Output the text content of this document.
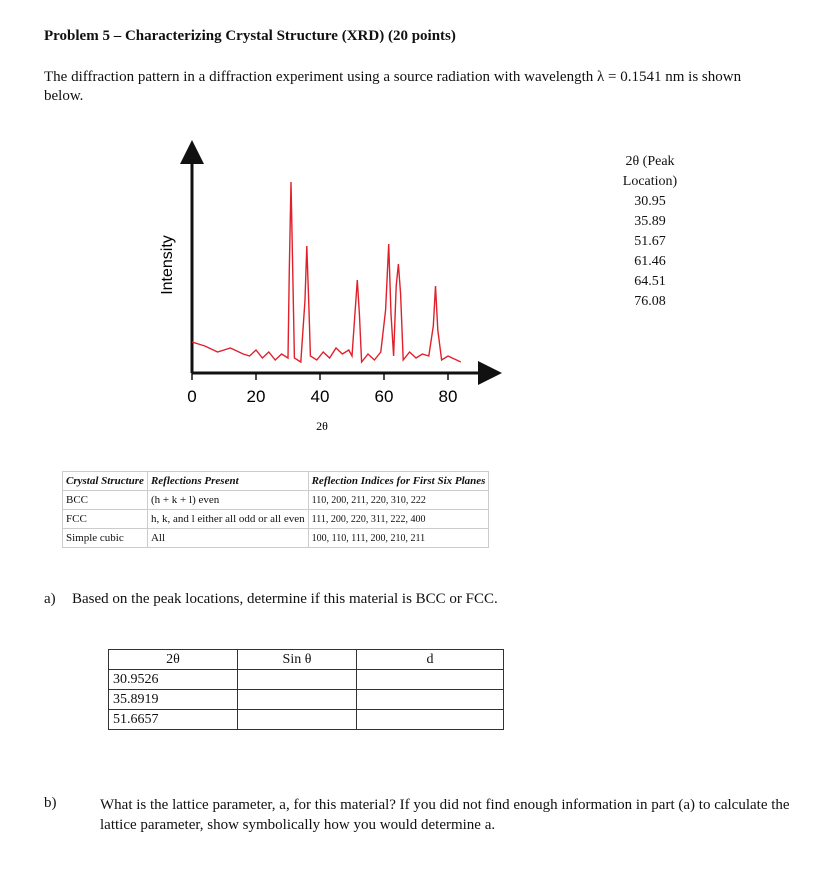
Problem 5 – Characterizing Crystal Structure (XRD) (20 points)
The diffraction pattern in a diffraction experiment using a source radiation with wavelength λ = 0.1541 nm is shown below.
0	20	40	60	80
Intensity
2θ
2θ (Peak Location)
30.95
35.89
51.67
61.46
64.51
76.08
Crystal Structure	Reflections Present	Reflection Indices for First Six Planes
BCC	(h + k + l) even	110, 200, 211, 220, 310, 222
FCC	h, k, and l either all odd or all even	111, 200, 220, 311, 222, 400
Simple cubic	All	100, 110, 111, 200, 210, 211
a) Based on the peak locations, determine if this material is BCC or FCC.
2θ	Sin θ	d
30.9526		
35.8919		
51.6657		
b)	What is the lattice parameter, a, for this material? If you did not find enough information in part (a) to calculate the lattice parameter, show symbolically how you would determine a.
